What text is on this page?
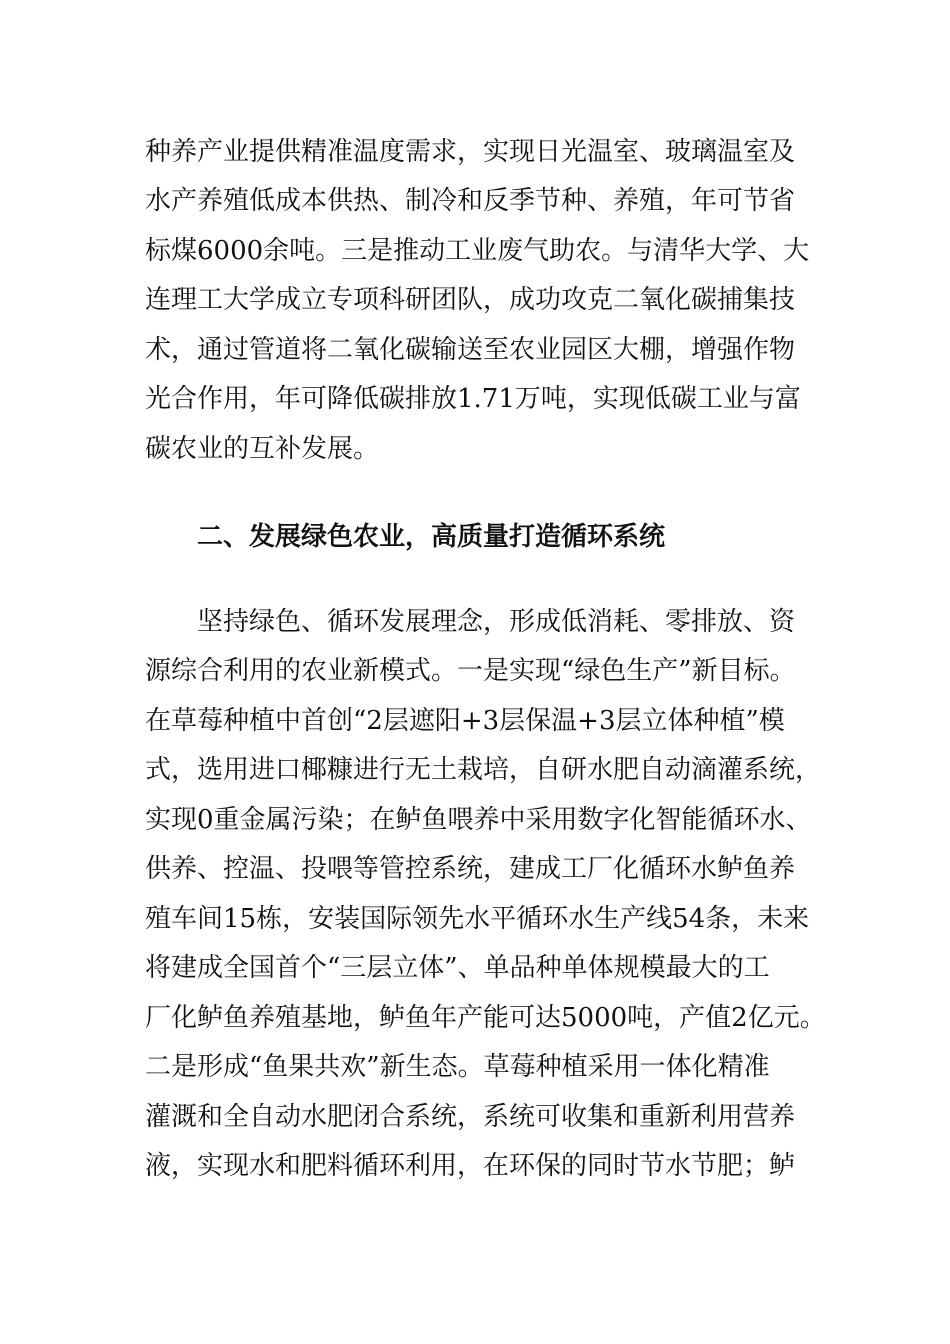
种养产业提供精准温度需求，实现日光温室、玻璃温室及
水产养殖低成本供热、制冷和反季节种、养殖，年可节省
标煤6000余吨。三是推动工业废气助农。与清华大学、大
连理工大学成立专项科研团队，成功攻克二氧化碳捕集技
术，通过管道将二氧化碳输送至农业园区大棚，增强作物
光合作用，年可降低碳排放1.71万吨，实现低碳工业与富
碳农业的互补发展。
二、发展绿色农业，高质量打造循环系统
坚持绿色、循环发展理念，形成低消耗、零排放、资
源综合利用的农业新模式。一是实现“绿色生产”新目标。
在草莓种植中首创“2层遮阳+3层保温+3层立体种植”模
式，选用进口椰糠进行无土栽培，自研水肥自动滴灌系统，
实现0重金属污染；在鲈鱼喂养中采用数字化智能循环水、
供养、控温、投喂等管控系统，建成工厂化循环水鲈鱼养
殖车间15栋，安装国际领先水平循环水生产线54条，未来
将建成全国首个“三层立体”、单品种单体规模最大的工
厂化鲈鱼养殖基地，鲈鱼年产能可达5000吨，产值2亿元。
二是形成“鱼果共欢”新生态。草莓种植采用一体化精准
灌溉和全自动水肥闭合系统，系统可收集和重新利用营养
液，实现水和肥料循环利用，在环保的同时节水节肥；鲈
